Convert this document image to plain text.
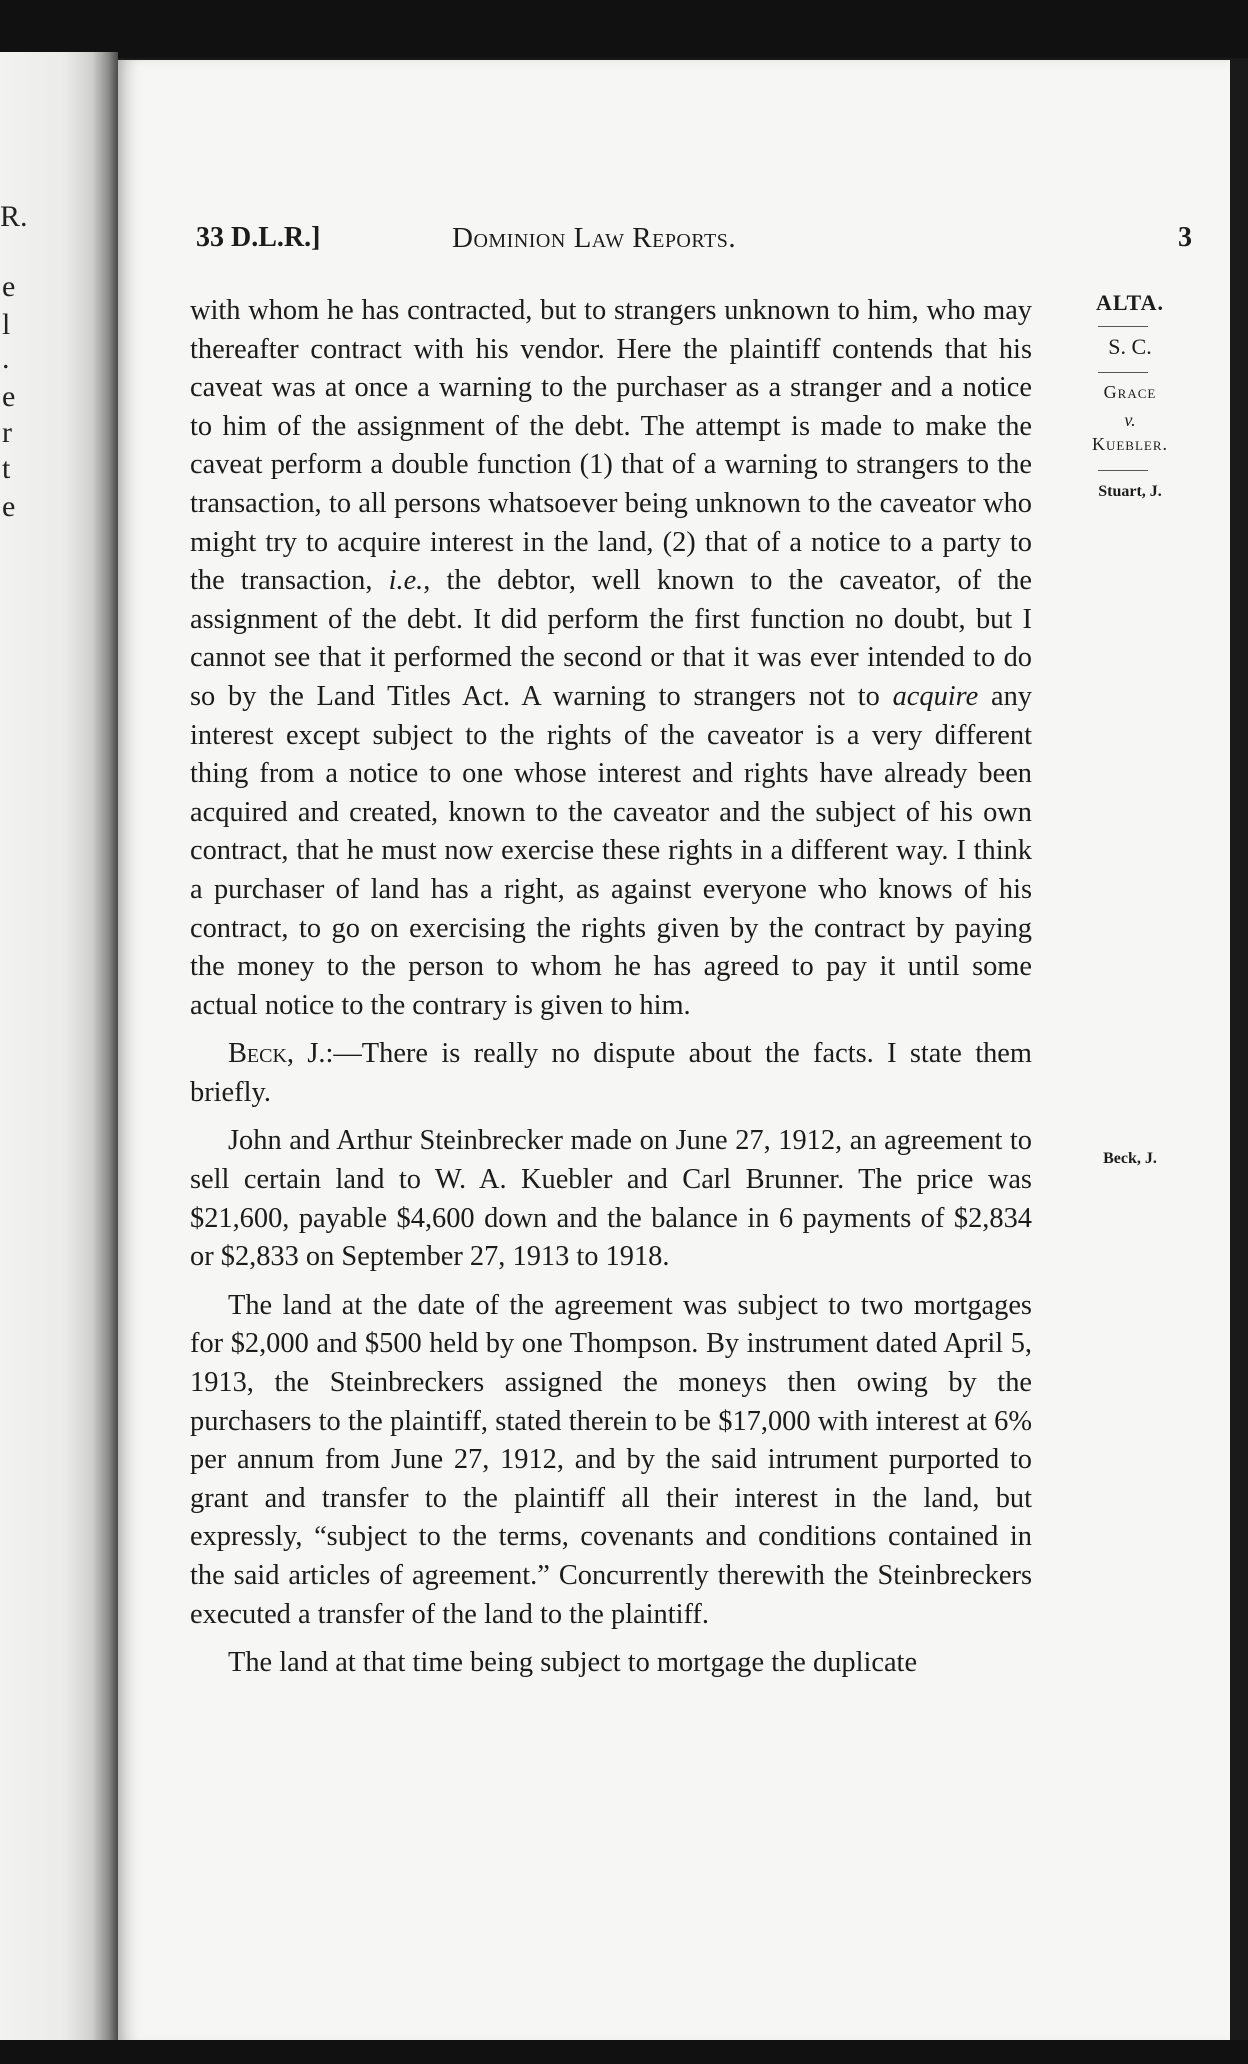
R.
e
l
.
e
r
t
e
33 D.L.R.]	Dominion Law Reports.	3
ALTA.
S. C.
Grace
v.
Kuebler.
Stuart, J.
Beck, J.

with whom he has contracted, but to strangers unknown to him, who may thereafter contract with his vendor. Here the plaintiff contends that his caveat was at once a warning to the purchaser as a stranger and a notice to him of the assignment of the debt. The attempt is made to make the caveat perform a double function (1) that of a warning to strangers to the transaction, to all persons whatsoever being unknown to the caveator who might try to acquire interest in the land, (2) that of a notice to a party to the transaction, i.e., the debtor, well known to the caveator, of the assignment of the debt. It did perform the first function no doubt, but I cannot see that it performed the second or that it was ever intended to do so by the Land Titles Act. A warning to strangers not to acquire any interest except subject to the rights of the caveator is a very different thing from a notice to one whose interest and rights have already been acquired and created, known to the caveator and the subject of his own contract, that he must now exercise these rights in a different way. I think a purchaser of land has a right, as against everyone who knows of his contract, to go on exercising the rights given by the contract by paying the money to the person to whom he has agreed to pay it until some actual notice to the contrary is given to him.

Beck, J.:—There is really no dispute about the facts. I state them briefly.

John and Arthur Steinbrecker made on June 27, 1912, an agreement to sell certain land to W. A. Kuebler and Carl Brunner. The price was $21,600, payable $4,600 down and the balance in 6 payments of $2,834 or $2,833 on September 27, 1913 to 1918.

The land at the date of the agreement was subject to two mortgages for $2,000 and $500 held by one Thompson. By instrument dated April 5, 1913, the Steinbreckers assigned the moneys then owing by the purchasers to the plaintiff, stated therein to be $17,000 with interest at 6% per annum from June 27, 1912, and by the said intrument purported to grant and transfer to the plaintiff all their interest in the land, but expressly, “subject to the terms, covenants and conditions contained in the said articles of agreement.” Concurrently therewith the Steinbreckers executed a transfer of the land to the plaintiff.

The land at that time being subject to mortgage the duplicate
